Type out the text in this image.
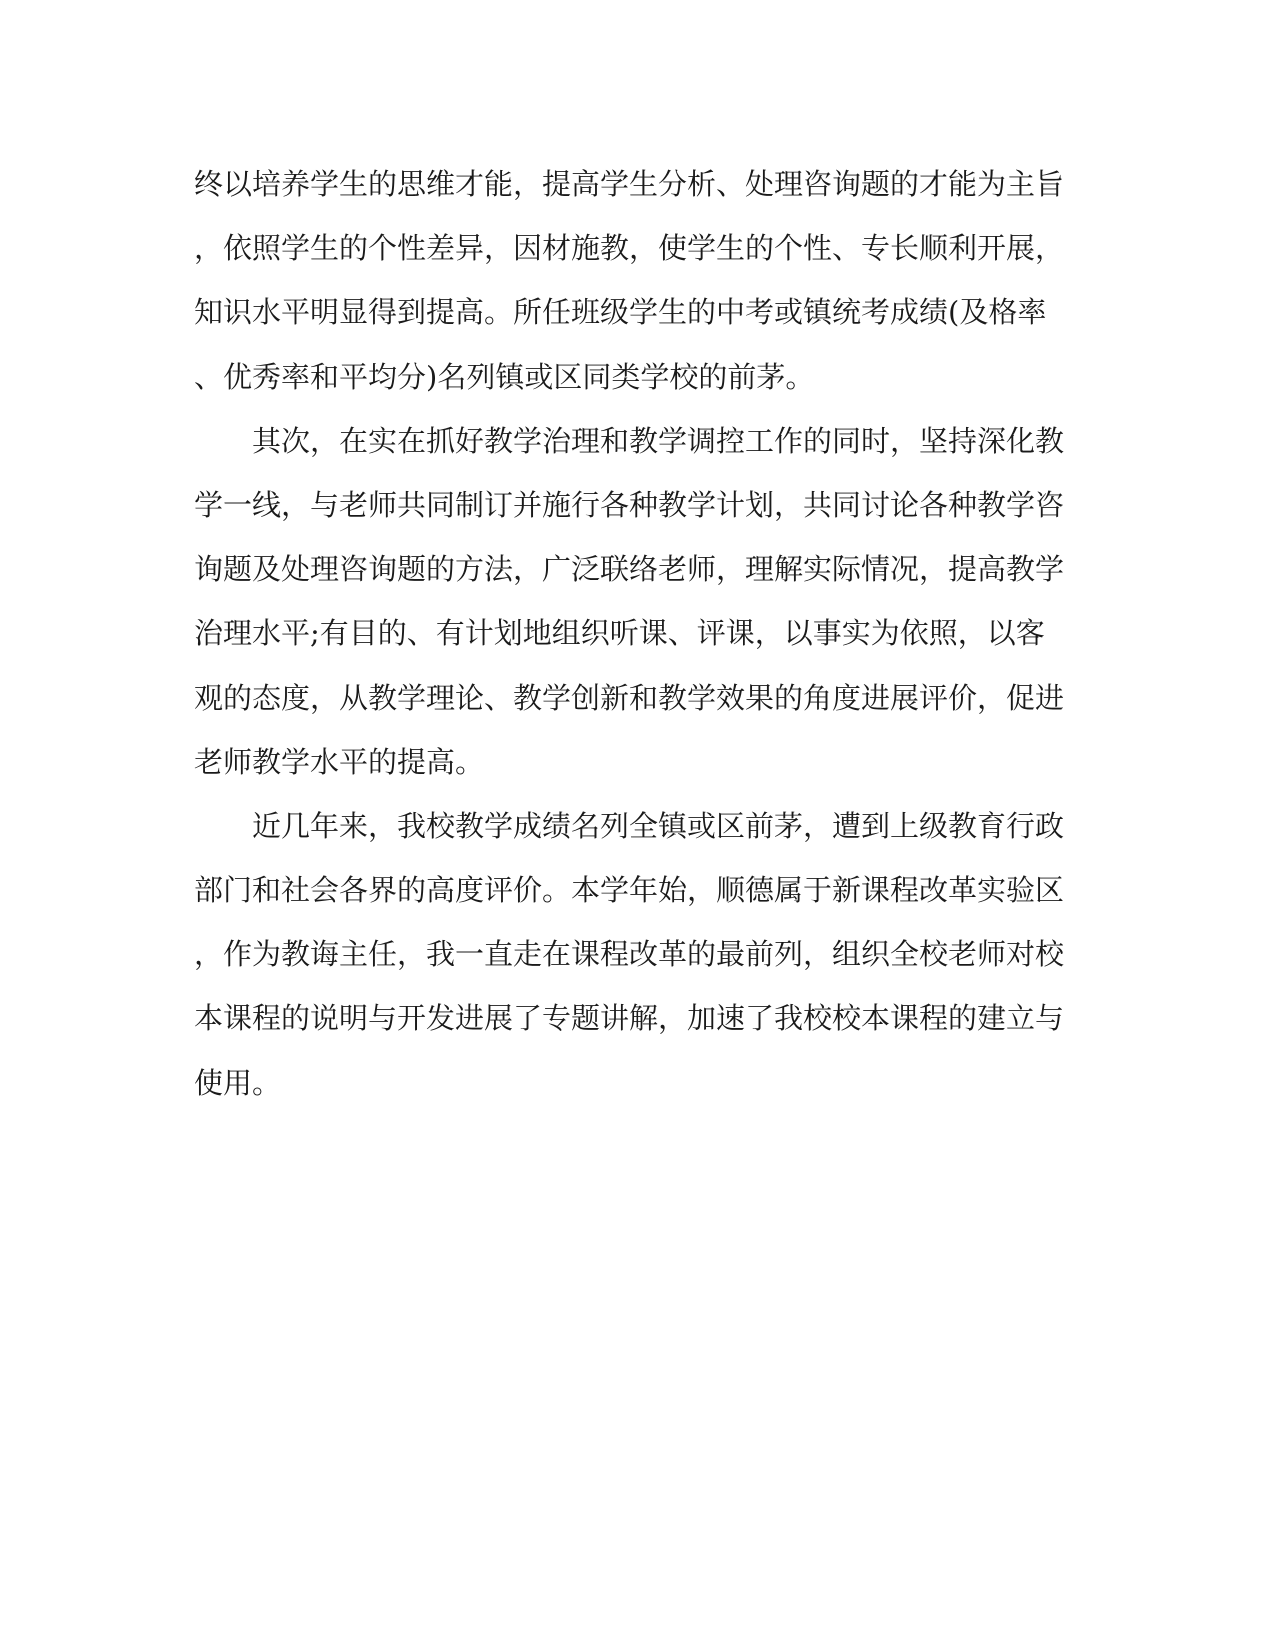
终以培养学生的思维才能，提高学生分析、处理咨询题的才能为主旨
，依照学生的个性差异，因材施教，使学生的个性、专长顺利开展，
知识水平明显得到提高。所任班级学生的中考或镇统考成绩(及格率
、优秀率和平均分)名列镇或区同类学校的前茅。
其次，在实在抓好教学治理和教学调控工作的同时，坚持深化教
学一线，与老师共同制订并施行各种教学计划，共同讨论各种教学咨
询题及处理咨询题的方法，广泛联络老师，理解实际情况，提高教学
治理水平;有目的、有计划地组织听课、评课，以事实为依照，以客
观的态度，从教学理论、教学创新和教学效果的角度进展评价，促进
老师教学水平的提高。
近几年来，我校教学成绩名列全镇或区前茅，遭到上级教育行政
部门和社会各界的高度评价。本学年始，顺德属于新课程改革实验区
，作为教诲主任，我一直走在课程改革的最前列，组织全校老师对校
本课程的说明与开发进展了专题讲解，加速了我校校本课程的建立与
使用。
